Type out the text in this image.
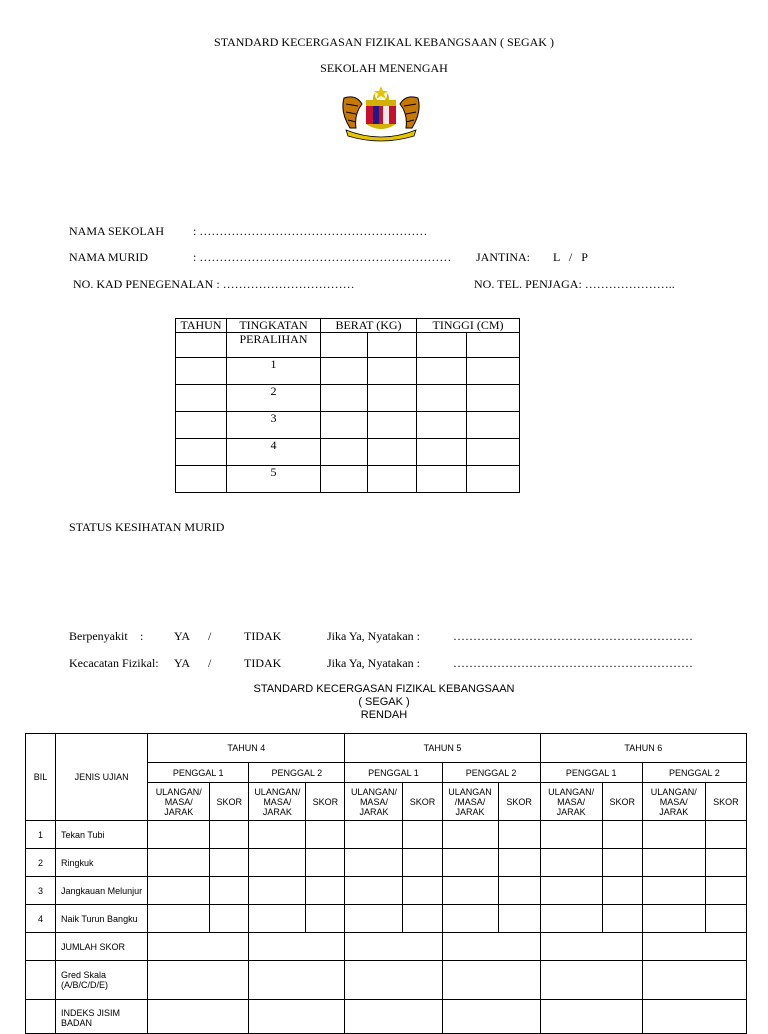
STANDARD KECERGASAN FIZIKAL KEBANGSAAN ( SEGAK )
SEKOLAH MENENGAH
NAMA SEKOLAH : …………………………………………………
NAMA MURID	: ……………………………………………………… JANTINA: L   /   P
NO. KAD PENEGENALAN : ……………………………	NO. TEL. PENJAGA: …………………..
TAHUN	TINGKATAN	BERAT (KG)		TINGGI (CM)	
	PERALIHAN				
	1				
	2				
	3				
	4				
	5				
STATUS KESIHATAN MURID
Berpenyakit :	YA /	TIDAK	Jika Ya, Nyatakan :	……………………………………………………
Kecacatan Fizikal: YA /	TIDAK	Jika Ya, Nyatakan :	……………………………………………………
STANDARD KECERGASAN FIZIKAL KEBANGSAAN
( SEGAK )
RENDAH
BIL	JENIS UJIAN	TAHUN 4				TAHUN 5				TAHUN 6			
		PENGGAL 1		PENGGAL 2		PENGGAL 1		PENGGAL 2		PENGGAL 1		PENGGAL 2	
		ULANGAN/ MASA/ JARAK	SKOR	ULANGAN/ MASA/ JARAK	SKOR	ULANGAN/ MASA/ JARAK	SKOR	ULANGAN /MASA/ JARAK	SKOR	ULANGAN/ MASA/ JARAK	SKOR	ULANGAN/ MASA/ JARAK	SKOR
1	Tekan Tubi												
2	Ringkuk												
3	Jangkauan Melunjur												
4	Naik Turun Bangku												
	JUMLAH SKOR												
	Gred Skala (A/B/C/D/E)												
	INDEKS JISIM BADAN												
